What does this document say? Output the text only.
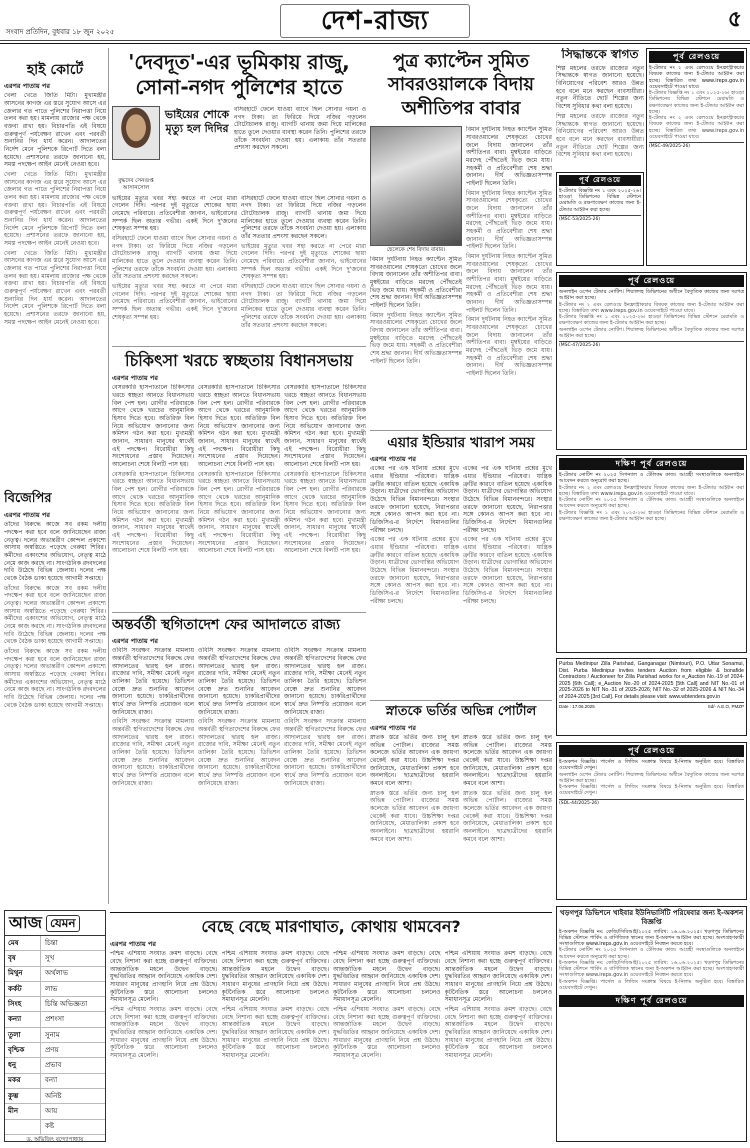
সংবাদ প্রতিদিন, বুধবার ১৮ জুন ২০২৫	দেশ-রাজ্য	৫
হাই কোর্টে
এরপর পাতায় পর

খেলা খেতে জিতি মিটা। মুখ্যমন্ত্রীর আসনের কাগজ এর স্তরে সুযোগ আসে এর জেলার গত পাতে পুলিশের নিরাপত্তা নিয়ে তলব করা হয়। মামলায় রাজ্যের পক্ষ থেকে বক্তব্য রাখা হয়। বিচারপতি এই বিষয়ে গুরুত্বপূর্ণ পর্যবেক্ষণ রাখেন এবং পরবর্তী শুনানির দিন ধার্য করেন। আদালতের নির্দেশ মেনে পুলিশকে রিপোর্ট দিতে বলা হয়েছে। প্রশাসনের তরফে জানানো হয়, সমস্ত পদক্ষেপ আইন মেনেই নেওয়া হবে।

খেলা খেতে জিতি মিটা। মুখ্যমন্ত্রীর আসনের কাগজ এর স্তরে সুযোগ আসে এর জেলার গত পাতে পুলিশের নিরাপত্তা নিয়ে তলব করা হয়। মামলায় রাজ্যের পক্ষ থেকে বক্তব্য রাখা হয়। বিচারপতি এই বিষয়ে গুরুত্বপূর্ণ পর্যবেক্ষণ রাখেন এবং পরবর্তী শুনানির দিন ধার্য করেন। আদালতের নির্দেশ মেনে পুলিশকে রিপোর্ট দিতে বলা হয়েছে। প্রশাসনের তরফে জানানো হয়, সমস্ত পদক্ষেপ আইন মেনেই নেওয়া হবে।

খেলা খেতে জিতি মিটা। মুখ্যমন্ত্রীর আসনের কাগজ এর স্তরে সুযোগ আসে এর জেলার গত পাতে পুলিশের নিরাপত্তা নিয়ে তলব করা হয়। মামলায় রাজ্যের পক্ষ থেকে বক্তব্য রাখা হয়। বিচারপতি এই বিষয়ে গুরুত্বপূর্ণ পর্যবেক্ষণ রাখেন এবং পরবর্তী শুনানির দিন ধার্য করেন। আদালতের নির্দেশ মেনে পুলিশকে রিপোর্ট দিতে বলা হয়েছে। প্রশাসনের তরফে জানানো হয়, সমস্ত পদক্ষেপ আইন মেনেই নেওয়া হবে।

বিজেপির
এরপর পাতায় পর

তাঁদের বিরুদ্ধে কাজে সব রকম দলীয় পদক্ষেপ করা হবে বলে জানিয়েছেন রাজ্য নেতৃত্ব। দলের অভ্যন্তরীণ কোন্দল প্রকাশ্যে আসায় অস্বস্তিতে পড়েছে গেরুয়া শিবির। কর্মীদের একাংশের অভিযোগ, নেতৃত্ব মাঠে নেমে কাজ করছে না। সাংগঠনিক রদবদলের দাবি উঠেছে বিভিন্ন জেলায়। দলের পক্ষ থেকে বৈঠক ডাকা হয়েছে আগামী সপ্তাহে।

তাঁদের বিরুদ্ধে কাজে সব রকম দলীয় পদক্ষেপ করা হবে বলে জানিয়েছেন রাজ্য নেতৃত্ব। দলের অভ্যন্তরীণ কোন্দল প্রকাশ্যে আসায় অস্বস্তিতে পড়েছে গেরুয়া শিবির। কর্মীদের একাংশের অভিযোগ, নেতৃত্ব মাঠে নেমে কাজ করছে না। সাংগঠনিক রদবদলের দাবি উঠেছে বিভিন্ন জেলায়। দলের পক্ষ থেকে বৈঠক ডাকা হয়েছে আগামী সপ্তাহে।

তাঁদের বিরুদ্ধে কাজে সব রকম দলীয় পদক্ষেপ করা হবে বলে জানিয়েছেন রাজ্য নেতৃত্ব। দলের অভ্যন্তরীণ কোন্দল প্রকাশ্যে আসায় অস্বস্তিতে পড়েছে গেরুয়া শিবির। কর্মীদের একাংশের অভিযোগ, নেতৃত্ব মাঠে নেমে কাজ করছে না। সাংগঠনিক রদবদলের দাবি উঠেছে বিভিন্ন জেলায়। দলের পক্ষ থেকে বৈঠক ডাকা হয়েছে আগামী সপ্তাহে।

'দেবদূত'-এর ভূমিকায় রাজু, সোনা-নগদ পুলিশের হাতে
ভাইয়ের শোকে মৃত্যু হল দিদির
বসিরহাটে ফেলে যাওয়া ব্যাগে ছিল সোনার গয়না ও নগদ টাকা। তা ফিরিয়ে দিয়ে নজির গড়লেন টোটোচালক রাজু। ব্যাগটি থানায় জমা দিয়ে মালিকের হাতে তুলে দেওয়ার ব্যবস্থা করেন তিনি। পুলিশের তরফে তাঁকে সংবর্ধনা দেওয়া হয়। এলাকায় তাঁর সততার প্রশংসা করছেন সকলে।
বুদ্ধদেব সেনগুপ্ত
আসানসোল

ভাইয়ের মৃত্যুর খবর সহ্য করতে না পেরে মারা গেলেন দিদি। পরপর দুই মৃত্যুতে শোকের ছায়া নেমেছে পরিবারে। প্রতিবেশীরা জানান, ভাইবোনের সম্পর্ক ছিল অত্যন্ত গভীর। একই দিনে দু'জনের শেষকৃত্য সম্পন্ন হয়।

বসিরহাটে ফেলে যাওয়া ব্যাগে ছিল সোনার গয়না ও নগদ টাকা। তা ফিরিয়ে দিয়ে নজির গড়লেন টোটোচালক রাজু। ব্যাগটি থানায় জমা দিয়ে মালিকের হাতে তুলে দেওয়ার ব্যবস্থা করেন তিনি। পুলিশের তরফে তাঁকে সংবর্ধনা দেওয়া হয়। এলাকায় তাঁর সততার প্রশংসা করছেন সকলে।

ভাইয়ের মৃত্যুর খবর সহ্য করতে না পেরে মারা গেলেন দিদি। পরপর দুই মৃত্যুতে শোকের ছায়া নেমেছে পরিবারে। প্রতিবেশীরা জানান, ভাইবোনের সম্পর্ক ছিল অত্যন্ত গভীর। একই দিনে দু'জনের শেষকৃত্য সম্পন্ন হয়।

বসিরহাটে ফেলে যাওয়া ব্যাগে ছিল সোনার গয়না ও নগদ টাকা। তা ফিরিয়ে দিয়ে নজির গড়লেন টোটোচালক রাজু। ব্যাগটি থানায় জমা দিয়ে মালিকের হাতে তুলে দেওয়ার ব্যবস্থা করেন তিনি। পুলিশের তরফে তাঁকে সংবর্ধনা দেওয়া হয়। এলাকায় তাঁর সততার প্রশংসা করছেন সকলে।

ভাইয়ের মৃত্যুর খবর সহ্য করতে না পেরে মারা গেলেন দিদি। পরপর দুই মৃত্যুতে শোকের ছায়া নেমেছে পরিবারে। প্রতিবেশীরা জানান, ভাইবোনের সম্পর্ক ছিল অত্যন্ত গভীর। একই দিনে দু'জনের শেষকৃত্য সম্পন্ন হয়।

বসিরহাটে ফেলে যাওয়া ব্যাগে ছিল সোনার গয়না ও নগদ টাকা। তা ফিরিয়ে দিয়ে নজির গড়লেন টোটোচালক রাজু। ব্যাগটি থানায় জমা দিয়ে মালিকের হাতে তুলে দেওয়ার ব্যবস্থা করেন তিনি। পুলিশের তরফে তাঁকে সংবর্ধনা দেওয়া হয়। এলাকায় তাঁর সততার প্রশংসা করছেন সকলে।

পুত্র ক্যাপ্টেন সুমিত সাবরওয়ালকে বিদায় অশীতিপর বাবার
ছেলেকে শেষ বিদায় বাবার।

বিমান দুর্ঘটনায় নিহত ক্যাপ্টেন সুমিত সাবরওয়ালের শেষকৃত্যে চোখের জলে বিদায় জানালেন তাঁর অশীতিপর বাবা। মুম্বইয়ের বাড়িতে মরদেহ পৌঁছতেই ভিড় জমে যায়। সহকর্মী ও প্রতিবেশীরা শেষ শ্রদ্ধা জানান। দীর্ঘ অভিজ্ঞতাসম্পন্ন পাইলট ছিলেন তিনি।

বিমান দুর্ঘটনায় নিহত ক্যাপ্টেন সুমিত সাবরওয়ালের শেষকৃত্যে চোখের জলে বিদায় জানালেন তাঁর অশীতিপর বাবা। মুম্বইয়ের বাড়িতে মরদেহ পৌঁছতেই ভিড় জমে যায়। সহকর্মী ও প্রতিবেশীরা শেষ শ্রদ্ধা জানান। দীর্ঘ অভিজ্ঞতাসম্পন্ন পাইলট ছিলেন তিনি।

বিমান দুর্ঘটনায় নিহত ক্যাপ্টেন সুমিত সাবরওয়ালের শেষকৃত্যে চোখের জলে বিদায় জানালেন তাঁর অশীতিপর বাবা। মুম্বইয়ের বাড়িতে মরদেহ পৌঁছতেই ভিড় জমে যায়। সহকর্মী ও প্রতিবেশীরা শেষ শ্রদ্ধা জানান। দীর্ঘ অভিজ্ঞতাসম্পন্ন পাইলট ছিলেন তিনি।

বিমান দুর্ঘটনায় নিহত ক্যাপ্টেন সুমিত সাবরওয়ালের শেষকৃত্যে চোখের জলে বিদায় জানালেন তাঁর অশীতিপর বাবা। মুম্বইয়ের বাড়িতে মরদেহ পৌঁছতেই ভিড় জমে যায়। সহকর্মী ও প্রতিবেশীরা শেষ শ্রদ্ধা জানান। দীর্ঘ অভিজ্ঞতাসম্পন্ন পাইলট ছিলেন তিনি।

বিমান দুর্ঘটনায় নিহত ক্যাপ্টেন সুমিত সাবরওয়ালের শেষকৃত্যে চোখের জলে বিদায় জানালেন তাঁর অশীতিপর বাবা। মুম্বইয়ের বাড়িতে মরদেহ পৌঁছতেই ভিড় জমে যায়। সহকর্মী ও প্রতিবেশীরা শেষ শ্রদ্ধা জানান। দীর্ঘ অভিজ্ঞতাসম্পন্ন পাইলট ছিলেন তিনি।

বিমান দুর্ঘটনায় নিহত ক্যাপ্টেন সুমিত সাবরওয়ালের শেষকৃত্যে চোখের জলে বিদায় জানালেন তাঁর অশীতিপর বাবা। মুম্বইয়ের বাড়িতে মরদেহ পৌঁছতেই ভিড় জমে যায়। সহকর্মী ও প্রতিবেশীরা শেষ শ্রদ্ধা জানান। দীর্ঘ অভিজ্ঞতাসম্পন্ন পাইলট ছিলেন তিনি।

চিকিৎসা খরচে স্বচ্ছতায় বিধানসভায়
এরপর পাতায় পর

বেসরকারি হাসপাতালে চিকিৎসার খরচে স্বচ্ছতা আনতে বিধানসভায় বিল পেশ হল। রোগীর পরিবারকে আগে থেকে খরচের আনুমানিক হিসাব দিতে হবে। অতিরিক্ত বিল নিয়ে অভিযোগ জানানোর জন্য কমিশন গঠন করা হবে। মুখ্যমন্ত্রী জানান, সাধারণ মানুষের স্বার্থেই এই পদক্ষেপ। বিরোধীরা কিছু সংশোধনের প্রস্তাব দিয়েছেন। আলোচনা শেষে বিলটি পাস হয়।

বেসরকারি হাসপাতালে চিকিৎসার খরচে স্বচ্ছতা আনতে বিধানসভায় বিল পেশ হল। রোগীর পরিবারকে আগে থেকে খরচের আনুমানিক হিসাব দিতে হবে। অতিরিক্ত বিল নিয়ে অভিযোগ জানানোর জন্য কমিশন গঠন করা হবে। মুখ্যমন্ত্রী জানান, সাধারণ মানুষের স্বার্থেই এই পদক্ষেপ। বিরোধীরা কিছু সংশোধনের প্রস্তাব দিয়েছেন। আলোচনা শেষে বিলটি পাস হয়।

বেসরকারি হাসপাতালে চিকিৎসার খরচে স্বচ্ছতা আনতে বিধানসভায় বিল পেশ হল। রোগীর পরিবারকে আগে থেকে খরচের আনুমানিক হিসাব দিতে হবে। অতিরিক্ত বিল নিয়ে অভিযোগ জানানোর জন্য কমিশন গঠন করা হবে। মুখ্যমন্ত্রী জানান, সাধারণ মানুষের স্বার্থেই এই পদক্ষেপ। বিরোধীরা কিছু সংশোধনের প্রস্তাব দিয়েছেন। আলোচনা শেষে বিলটি পাস হয়।

বেসরকারি হাসপাতালে চিকিৎসার খরচে স্বচ্ছতা আনতে বিধানসভায় বিল পেশ হল। রোগীর পরিবারকে আগে থেকে খরচের আনুমানিক হিসাব দিতে হবে। অতিরিক্ত বিল নিয়ে অভিযোগ জানানোর জন্য কমিশন গঠন করা হবে। মুখ্যমন্ত্রী জানান, সাধারণ মানুষের স্বার্থেই এই পদক্ষেপ। বিরোধীরা কিছু সংশোধনের প্রস্তাব দিয়েছেন। আলোচনা শেষে বিলটি পাস হয়।

বেসরকারি হাসপাতালে চিকিৎসার খরচে স্বচ্ছতা আনতে বিধানসভায় বিল পেশ হল। রোগীর পরিবারকে আগে থেকে খরচের আনুমানিক হিসাব দিতে হবে। অতিরিক্ত বিল নিয়ে অভিযোগ জানানোর জন্য কমিশন গঠন করা হবে। মুখ্যমন্ত্রী জানান, সাধারণ মানুষের স্বার্থেই এই পদক্ষেপ। বিরোধীরা কিছু সংশোধনের প্রস্তাব দিয়েছেন। আলোচনা শেষে বিলটি পাস হয়।

বেসরকারি হাসপাতালে চিকিৎসার খরচে স্বচ্ছতা আনতে বিধানসভায় বিল পেশ হল। রোগীর পরিবারকে আগে থেকে খরচের আনুমানিক হিসাব দিতে হবে। অতিরিক্ত বিল নিয়ে অভিযোগ জানানোর জন্য কমিশন গঠন করা হবে। মুখ্যমন্ত্রী জানান, সাধারণ মানুষের স্বার্থেই এই পদক্ষেপ। বিরোধীরা কিছু সংশোধনের প্রস্তাব দিয়েছেন। আলোচনা শেষে বিলটি পাস হয়।

এয়ার ইন্ডিয়ার খারাপ সময়
এরপর পাতায় পর

একের পর এক ঘটনায় প্রশ্নের মুখে এয়ার ইন্ডিয়ার পরিষেবা। যান্ত্রিক ত্রুটির কারণে বাতিল হয়েছে একাধিক উড়ান। যাত্রীদের ভোগান্তির অভিযোগ উঠেছে বিভিন্ন বিমানবন্দরে। সংস্থার তরফে জানানো হয়েছে, নিরাপত্তার সঙ্গে কোনও আপস করা হবে না। ডিজিসিএ-র নির্দেশে বিমানগুলির পরীক্ষা চলছে।

একের পর এক ঘটনায় প্রশ্নের মুখে এয়ার ইন্ডিয়ার পরিষেবা। যান্ত্রিক ত্রুটির কারণে বাতিল হয়েছে একাধিক উড়ান। যাত্রীদের ভোগান্তির অভিযোগ উঠেছে বিভিন্ন বিমানবন্দরে। সংস্থার তরফে জানানো হয়েছে, নিরাপত্তার সঙ্গে কোনও আপস করা হবে না। ডিজিসিএ-র নির্দেশে বিমানগুলির পরীক্ষা চলছে।

একের পর এক ঘটনায় প্রশ্নের মুখে এয়ার ইন্ডিয়ার পরিষেবা। যান্ত্রিক ত্রুটির কারণে বাতিল হয়েছে একাধিক উড়ান। যাত্রীদের ভোগান্তির অভিযোগ উঠেছে বিভিন্ন বিমানবন্দরে। সংস্থার তরফে জানানো হয়েছে, নিরাপত্তার সঙ্গে কোনও আপস করা হবে না। ডিজিসিএ-র নির্দেশে বিমানগুলির পরীক্ষা চলছে।

একের পর এক ঘটনায় প্রশ্নের মুখে এয়ার ইন্ডিয়ার পরিষেবা। যান্ত্রিক ত্রুটির কারণে বাতিল হয়েছে একাধিক উড়ান। যাত্রীদের ভোগান্তির অভিযোগ উঠেছে বিভিন্ন বিমানবন্দরে। সংস্থার তরফে জানানো হয়েছে, নিরাপত্তার সঙ্গে কোনও আপস করা হবে না। ডিজিসিএ-র নির্দেশে বিমানগুলির পরীক্ষা চলছে।

অন্তর্বর্তী স্থগিতাদেশ ফের আদালতে রাজ্য
এরপর পাতায় পর

ওবিসি সংরক্ষণ সংক্রান্ত মামলায় অন্তর্বর্তী স্থগিতাদেশের বিরুদ্ধে ফের আদালতের দ্বারস্থ হল রাজ্য। রাজ্যের দাবি, সমীক্ষা মেনেই নতুন তালিকা তৈরি হয়েছে। ডিভিশন বেঞ্চে দ্রুত শুনানির আবেদন জানানো হয়েছে। চাকরিপ্রার্থীদের স্বার্থে দ্রুত নিষ্পত্তি প্রয়োজন বলে জানিয়েছে রাজ্য।

ওবিসি সংরক্ষণ সংক্রান্ত মামলায় অন্তর্বর্তী স্থগিতাদেশের বিরুদ্ধে ফের আদালতের দ্বারস্থ হল রাজ্য। রাজ্যের দাবি, সমীক্ষা মেনেই নতুন তালিকা তৈরি হয়েছে। ডিভিশন বেঞ্চে দ্রুত শুনানির আবেদন জানানো হয়েছে। চাকরিপ্রার্থীদের স্বার্থে দ্রুত নিষ্পত্তি প্রয়োজন বলে জানিয়েছে রাজ্য।

ওবিসি সংরক্ষণ সংক্রান্ত মামলায় অন্তর্বর্তী স্থগিতাদেশের বিরুদ্ধে ফের আদালতের দ্বারস্থ হল রাজ্য। রাজ্যের দাবি, সমীক্ষা মেনেই নতুন তালিকা তৈরি হয়েছে। ডিভিশন বেঞ্চে দ্রুত শুনানির আবেদন জানানো হয়েছে। চাকরিপ্রার্থীদের স্বার্থে দ্রুত নিষ্পত্তি প্রয়োজন বলে জানিয়েছে রাজ্য।

ওবিসি সংরক্ষণ সংক্রান্ত মামলায় অন্তর্বর্তী স্থগিতাদেশের বিরুদ্ধে ফের আদালতের দ্বারস্থ হল রাজ্য। রাজ্যের দাবি, সমীক্ষা মেনেই নতুন তালিকা তৈরি হয়েছে। ডিভিশন বেঞ্চে দ্রুত শুনানির আবেদন জানানো হয়েছে। চাকরিপ্রার্থীদের স্বার্থে দ্রুত নিষ্পত্তি প্রয়োজন বলে জানিয়েছে রাজ্য।

ওবিসি সংরক্ষণ সংক্রান্ত মামলায় অন্তর্বর্তী স্থগিতাদেশের বিরুদ্ধে ফের আদালতের দ্বারস্থ হল রাজ্য। রাজ্যের দাবি, সমীক্ষা মেনেই নতুন তালিকা তৈরি হয়েছে। ডিভিশন বেঞ্চে দ্রুত শুনানির আবেদন জানানো হয়েছে। চাকরিপ্রার্থীদের স্বার্থে দ্রুত নিষ্পত্তি প্রয়োজন বলে জানিয়েছে রাজ্য।

ওবিসি সংরক্ষণ সংক্রান্ত মামলায় অন্তর্বর্তী স্থগিতাদেশের বিরুদ্ধে ফের আদালতের দ্বারস্থ হল রাজ্য। রাজ্যের দাবি, সমীক্ষা মেনেই নতুন তালিকা তৈরি হয়েছে। ডিভিশন বেঞ্চে দ্রুত শুনানির আবেদন জানানো হয়েছে। চাকরিপ্রার্থীদের স্বার্থে দ্রুত নিষ্পত্তি প্রয়োজন বলে জানিয়েছে রাজ্য।

স্নাতকে ভর্তির অভিন্ন পোর্টাল
এরপর পাতায় পর

স্নাতক স্তরে ভর্তির জন্য চালু হল অভিন্ন পোর্টাল। রাজ্যের সমস্ত কলেজে ভর্তির আবেদন এক জায়গা থেকেই করা যাবে। উচ্চশিক্ষা দপ্তর জানিয়েছে, মেধাতালিকা প্রকাশ হবে অনলাইনে। ছাত্রছাত্রীদের হয়রানি কমবে বলে আশা।

স্নাতক স্তরে ভর্তির জন্য চালু হল অভিন্ন পোর্টাল। রাজ্যের সমস্ত কলেজে ভর্তির আবেদন এক জায়গা থেকেই করা যাবে। উচ্চশিক্ষা দপ্তর জানিয়েছে, মেধাতালিকা প্রকাশ হবে অনলাইনে। ছাত্রছাত্রীদের হয়রানি কমবে বলে আশা।

স্নাতক স্তরে ভর্তির জন্য চালু হল অভিন্ন পোর্টাল। রাজ্যের সমস্ত কলেজে ভর্তির আবেদন এক জায়গা থেকেই করা যাবে। উচ্চশিক্ষা দপ্তর জানিয়েছে, মেধাতালিকা প্রকাশ হবে অনলাইনে। ছাত্রছাত্রীদের হয়রানি কমবে বলে আশা।

স্নাতক স্তরে ভর্তির জন্য চালু হল অভিন্ন পোর্টাল। রাজ্যের সমস্ত কলেজে ভর্তির আবেদন এক জায়গা থেকেই করা যাবে। উচ্চশিক্ষা দপ্তর জানিয়েছে, মেধাতালিকা প্রকাশ হবে অনলাইনে। ছাত্রছাত্রীদের হয়রানি কমবে বলে আশা।

সিদ্ধান্তকে স্বাগত

শিল্প মহলের তরফে রাজ্যের নতুন সিদ্ধান্তকে স্বাগত জানানো হয়েছে। বিনিয়োগের পরিবেশ আরও উন্নত হবে বলে মনে করছেন ব্যবসায়ীরা। নতুন নীতিতে ছোট শিল্পের জন্য বিশেষ সুবিধার কথা বলা হয়েছে।

শিল্প মহলের তরফে রাজ্যের নতুন সিদ্ধান্তকে স্বাগত জানানো হয়েছে। বিনিয়োগের পরিবেশ আরও উন্নত হবে বলে মনে করছেন ব্যবসায়ীরা। নতুন নীতিতে ছোট শিল্পের জন্য বিশেষ সুবিধার কথা বলা হয়েছে।

পূর্ব রেলওয়ে
ই-টেন্ডার নং ২ এবং রেলওয়ে ইনফ্রাস্ট্রাকচার বিষয়ক কাজের জন্য ই-টেন্ডার আহ্বান করা হচ্ছে। বিস্তারিত তথ্য www.ireps.gov.in ওয়েবসাইটে পাওয়া যাবে।
ই-টেন্ডার বিজ্ঞপ্তি নং ১ এবং ২০২৫-২৬। হাওড়া ডিভিশনের বিভিন্ন স্টেশনে মেরামতি ও রক্ষণাবেক্ষণ কাজের জন্য ই-টেন্ডার আহ্বান করা হচ্ছে।
ই-টেন্ডার নং ২ এবং রেলওয়ে ইনফ্রাস্ট্রাকচার বিষয়ক কাজের জন্য ই-টেন্ডার আহ্বান করা হচ্ছে। বিস্তারিত তথ্য www.ireps.gov.in ওয়েবসাইটে পাওয়া যাবে।
(MSC-49/2025-26)
পূর্ব রেলওয়ে
ই-টেন্ডার বিজ্ঞপ্তি নং ১ এবং ২০২৫-২৬। হাওড়া ডিভিশনের বিভিন্ন স্টেশনে মেরামতি ও রক্ষণাবেক্ষণ কাজের জন্য ই-টেন্ডার আহ্বান করা হচ্ছে।
(MSC-53/2025-26)
পূর্ব রেলওয়ে
অনলাইন ওপেন টেন্ডার নোটিশ। শিয়ালদহ ডিভিশনের অধীনে বৈদ্যুতিক কাজের জন্য দরপত্র আহ্বান করা হচ্ছে।
ই-টেন্ডার নং ২ এবং রেলওয়ে ইনফ্রাস্ট্রাকচার বিষয়ক কাজের জন্য ই-টেন্ডার আহ্বান করা হচ্ছে। বিস্তারিত তথ্য www.ireps.gov.in ওয়েবসাইটে পাওয়া যাবে।
ই-টেন্ডার বিজ্ঞপ্তি নং ১ এবং ২০২৫-২৬। হাওড়া ডিভিশনের বিভিন্ন স্টেশনে মেরামতি ও রক্ষণাবেক্ষণ কাজের জন্য ই-টেন্ডার আহ্বান করা হচ্ছে।
অনলাইন ওপেন টেন্ডার নোটিশ। শিয়ালদহ ডিভিশনের অধীনে বৈদ্যুতিক কাজের জন্য দরপত্র আহ্বান করা হচ্ছে।
(MSC-47/2025-26)
দক্ষিণ পূর্ব রেলওয়ে
ই-টেন্ডার নোটিশ নং ২০২৫ সিগন্যাল ও টেলিকম কাজ। আগ্রহী সংস্থাগুলিকে অনলাইনে আবেদন করতে অনুরোধ করা হচ্ছে।
ই-টেন্ডার নং ২ এবং রেলওয়ে ইনফ্রাস্ট্রাকচার বিষয়ক কাজের জন্য ই-টেন্ডার আহ্বান করা হচ্ছে। বিস্তারিত তথ্য www.ireps.gov.in ওয়েবসাইটে পাওয়া যাবে।
ই-টেন্ডার নোটিশ নং ২০২৫ সিগন্যাল ও টেলিকম কাজ। আগ্রহী সংস্থাগুলিকে অনলাইনে আবেদন করতে অনুরোধ করা হচ্ছে।
ই-টেন্ডার বিজ্ঞপ্তি নং ১ এবং ২০২৫-২৬। হাওড়া ডিভিশনের বিভিন্ন স্টেশনে মেরামতি ও রক্ষণাবেক্ষণ কাজের জন্য ই-টেন্ডার আহ্বান করা হচ্ছে।
Purba Medinipur Zilla Parishad, Ganganagar (Nimtouri), P.O. Uttar Sonamui, Dist. Purba Medinipur invites tenders Auction from eligible & bonafide Contractors / Auctioneer for Zilla Parishad works for e_Auction No.-19 of 2024-2025 [6th Call]; e_Auction No.-20 of 2024-2025 [5th Call] and NIT No.-01 of 2025-2026 to NIT No.-31 of 2025-2026; NIT No.-32 of 2025-2026 & NIT No.-34 of 2024-2025 [3rd Call]. For details please visit: www.wbtenders.gov.in
Date : 17.06.2025	Sd/- A.E.O, PMZP
পূর্ব রেলওয়ে
ই-অকশন বিজ্ঞপ্তি। পার্সেল ও লিজিং সংক্রান্ত বিষয়ে ই-নিলাম অনুষ্ঠিত হবে। বিস্তারিত ওয়েবসাইটে দেখুন।
অনলাইন ওপেন টেন্ডার নোটিশ। শিয়ালদহ ডিভিশনের অধীনে বৈদ্যুতিক কাজের জন্য দরপত্র আহ্বান করা হচ্ছে।
ই-অকশন বিজ্ঞপ্তি। পার্সেল ও লিজিং সংক্রান্ত বিষয়ে ই-নিলাম অনুষ্ঠিত হবে। বিস্তারিত ওয়েবসাইটে দেখুন।
(SDL-44/2025-26)
বেছে বেছে মারণাঘাত, কোথায় থামবেন?
এরপর পাতায় পর

পশ্চিম এশিয়ায় সংঘাত ক্রমশ বাড়ছে। বেছে বেছে নিশানা করা হচ্ছে গুরুত্বপূর্ণ ব্যক্তিদের। আন্তর্জাতিক মহলে উদ্বেগ বাড়ছে। যুদ্ধবিরতির আহ্বান জানিয়েছে একাধিক দেশ। সাধারণ মানুষের প্রাণহানি নিয়ে প্রশ্ন উঠছে। কূটনৈতিক স্তরে আলোচনা চললেও সমাধানসূত্র মেলেনি।

পশ্চিম এশিয়ায় সংঘাত ক্রমশ বাড়ছে। বেছে বেছে নিশানা করা হচ্ছে গুরুত্বপূর্ণ ব্যক্তিদের। আন্তর্জাতিক মহলে উদ্বেগ বাড়ছে। যুদ্ধবিরতির আহ্বান জানিয়েছে একাধিক দেশ। সাধারণ মানুষের প্রাণহানি নিয়ে প্রশ্ন উঠছে। কূটনৈতিক স্তরে আলোচনা চললেও সমাধানসূত্র মেলেনি।

পশ্চিম এশিয়ায় সংঘাত ক্রমশ বাড়ছে। বেছে বেছে নিশানা করা হচ্ছে গুরুত্বপূর্ণ ব্যক্তিদের। আন্তর্জাতিক মহলে উদ্বেগ বাড়ছে। যুদ্ধবিরতির আহ্বান জানিয়েছে একাধিক দেশ। সাধারণ মানুষের প্রাণহানি নিয়ে প্রশ্ন উঠছে। কূটনৈতিক স্তরে আলোচনা চললেও সমাধানসূত্র মেলেনি।

পশ্চিম এশিয়ায় সংঘাত ক্রমশ বাড়ছে। বেছে বেছে নিশানা করা হচ্ছে গুরুত্বপূর্ণ ব্যক্তিদের। আন্তর্জাতিক মহলে উদ্বেগ বাড়ছে। যুদ্ধবিরতির আহ্বান জানিয়েছে একাধিক দেশ। সাধারণ মানুষের প্রাণহানি নিয়ে প্রশ্ন উঠছে। কূটনৈতিক স্তরে আলোচনা চললেও সমাধানসূত্র মেলেনি।

পশ্চিম এশিয়ায় সংঘাত ক্রমশ বাড়ছে। বেছে বেছে নিশানা করা হচ্ছে গুরুত্বপূর্ণ ব্যক্তিদের। আন্তর্জাতিক মহলে উদ্বেগ বাড়ছে। যুদ্ধবিরতির আহ্বান জানিয়েছে একাধিক দেশ। সাধারণ মানুষের প্রাণহানি নিয়ে প্রশ্ন উঠছে। কূটনৈতিক স্তরে আলোচনা চললেও সমাধানসূত্র মেলেনি।

পশ্চিম এশিয়ায় সংঘাত ক্রমশ বাড়ছে। বেছে বেছে নিশানা করা হচ্ছে গুরুত্বপূর্ণ ব্যক্তিদের। আন্তর্জাতিক মহলে উদ্বেগ বাড়ছে। যুদ্ধবিরতির আহ্বান জানিয়েছে একাধিক দেশ। সাধারণ মানুষের প্রাণহানি নিয়ে প্রশ্ন উঠছে। কূটনৈতিক স্তরে আলোচনা চললেও সমাধানসূত্র মেলেনি।

পশ্চিম এশিয়ায় সংঘাত ক্রমশ বাড়ছে। বেছে বেছে নিশানা করা হচ্ছে গুরুত্বপূর্ণ ব্যক্তিদের। আন্তর্জাতিক মহলে উদ্বেগ বাড়ছে। যুদ্ধবিরতির আহ্বান জানিয়েছে একাধিক দেশ। সাধারণ মানুষের প্রাণহানি নিয়ে প্রশ্ন উঠছে। কূটনৈতিক স্তরে আলোচনা চললেও সমাধানসূত্র মেলেনি।

পশ্চিম এশিয়ায় সংঘাত ক্রমশ বাড়ছে। বেছে বেছে নিশানা করা হচ্ছে গুরুত্বপূর্ণ ব্যক্তিদের। আন্তর্জাতিক মহলে উদ্বেগ বাড়ছে। যুদ্ধবিরতির আহ্বান জানিয়েছে একাধিক দেশ। সাধারণ মানুষের প্রাণহানি নিয়ে প্রশ্ন উঠছে। কূটনৈতিক স্তরে আলোচনা চললেও সমাধানসূত্র মেলেনি।

খড়গপুর ডিভিশনে খাইবার ইউনিভার্সিটি পরিষেবার জন্য ই-অকশন বিজ্ঞপ্তি
ই-অকশন বিজ্ঞপ্তি নং: কেজি/সিবিআই/২০২৫ তারিখ: ১৬.০৬.২০২৫। খড়গপুর ডিভিশনের বিভিন্ন স্টেশনে পার্কিং ও বাণিজ্যিক স্থানের জন্য ই-অকশন আহ্বান করা হচ্ছে। অংশগ্রহণকারী সংস্থাগুলিকে www.ireps.gov.in ওয়েবসাইটে নিবন্ধন করতে হবে।
ই-টেন্ডার নোটিশ নং ২০২৫ সিগন্যাল ও টেলিকম কাজ। আগ্রহী সংস্থাগুলিকে অনলাইনে আবেদন করতে অনুরোধ করা হচ্ছে।
ই-অকশন বিজ্ঞপ্তি নং: কেজি/সিবিআই/২০২৫ তারিখ: ১৬.০৬.২০২৫। খড়গপুর ডিভিশনের বিভিন্ন স্টেশনে পার্কিং ও বাণিজ্যিক স্থানের জন্য ই-অকশন আহ্বান করা হচ্ছে। অংশগ্রহণকারী সংস্থাগুলিকে www.ireps.gov.in ওয়েবসাইটে নিবন্ধন করতে হবে।
ই-অকশন বিজ্ঞপ্তি। পার্সেল ও লিজিং সংক্রান্ত বিষয়ে ই-নিলাম অনুষ্ঠিত হবে। বিস্তারিত ওয়েবসাইটে দেখুন।
দক্ষিণ পূর্ব রেলওয়ে
আজ যেমন
মেষ	চিন্তা
বৃষ	সুখ
মিথুন	অর্থলাভ
কর্কট	লাভ
সিংহ	চিন্তি অভিজ্ঞতা
কন্যা	প্রশংসা
তুলা	সুনাম
বৃশ্চিক	প্রণয়
ধনু	প্রভাব
মকর	বন্যা
কুম্ভ	অনিষ্ট
মীন	আয়
কষ্ট
ড. অভিজিৎ বন্দ্যোপাধ্যায়
